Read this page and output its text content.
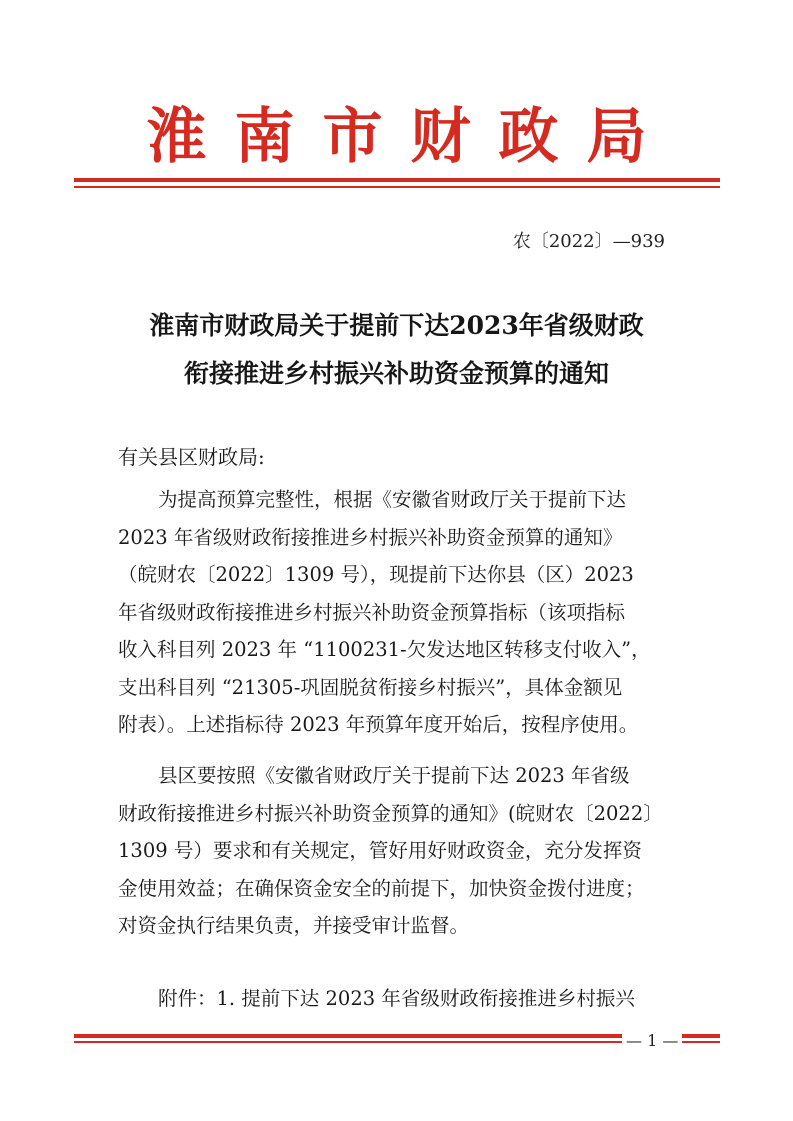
淮南市财政局
农〔2022〕—939
淮南市财政局关于提前下达2023年省级财政
衔接推进乡村振兴补助资金预算的通知
有关县区财政局:
为提高预算完整性，根据《安徽省财政厅关于提前下达
2023 年省级财政衔接推进乡村振兴补助资金预算的通知》
（皖财农〔2022〕1309 号），现提前下达你县（区）2023
年省级财政衔接推进乡村振兴补助资金预算指标（该项指标
收入科目列 2023 年 “1100231-欠发达地区转移支付收入”，
支出科目列 “21305-巩固脱贫衔接乡村振兴”，具体金额见
附表）。上述指标待 2023 年预算年度开始后，按程序使用。
县区要按照《安徽省财政厅关于提前下达 2023 年省级
财政衔接推进乡村振兴补助资金预算的通知》(皖财农〔2022〕
1309 号）要求和有关规定，管好用好财政资金，充分发挥资
金使用效益；在确保资金安全的前提下，加快资金拨付进度；
对资金执行结果负责，并接受审计监督。
附件：1. 提前下达 2023 年省级财政衔接推进乡村振兴
— 1 —
